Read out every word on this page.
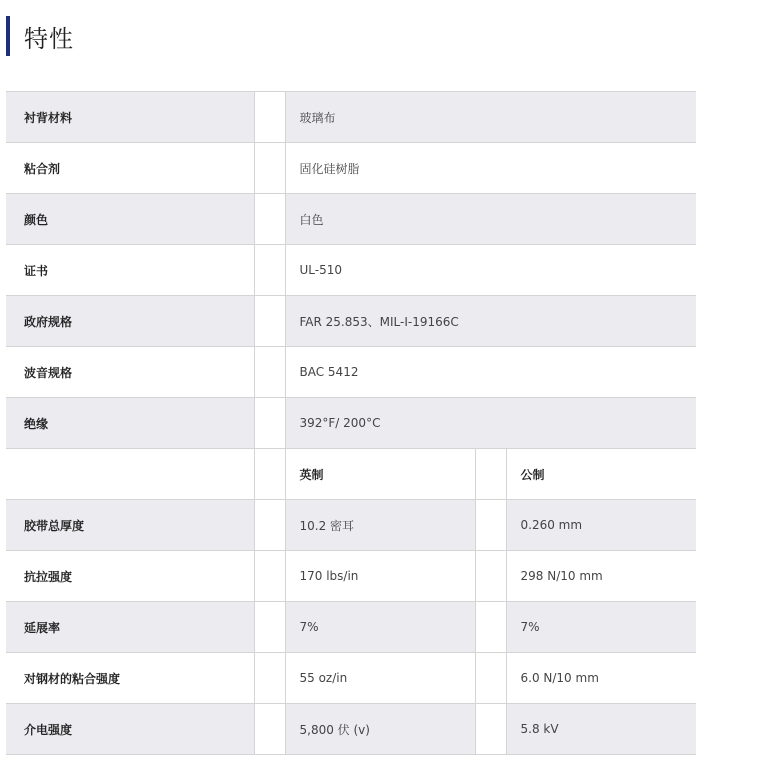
特性
衬背材料		玻璃布		
粘合剂		固化硅树脂		
颜色		白色		
证书		UL-510		
政府规格		FAR 25.853、MIL-I-19166C		
波音规格		BAC 5412		
绝缘		392°F/ 200°C		
		英制		公制
胶带总厚度		10.2 密耳		0.260 mm
抗拉强度		170 lbs/in		298 N/10 mm
延展率		7%		7%
对钢材的粘合强度		55 oz/in		6.0 N/10 mm
介电强度		5,800 伏 (v)		5.8 kV
